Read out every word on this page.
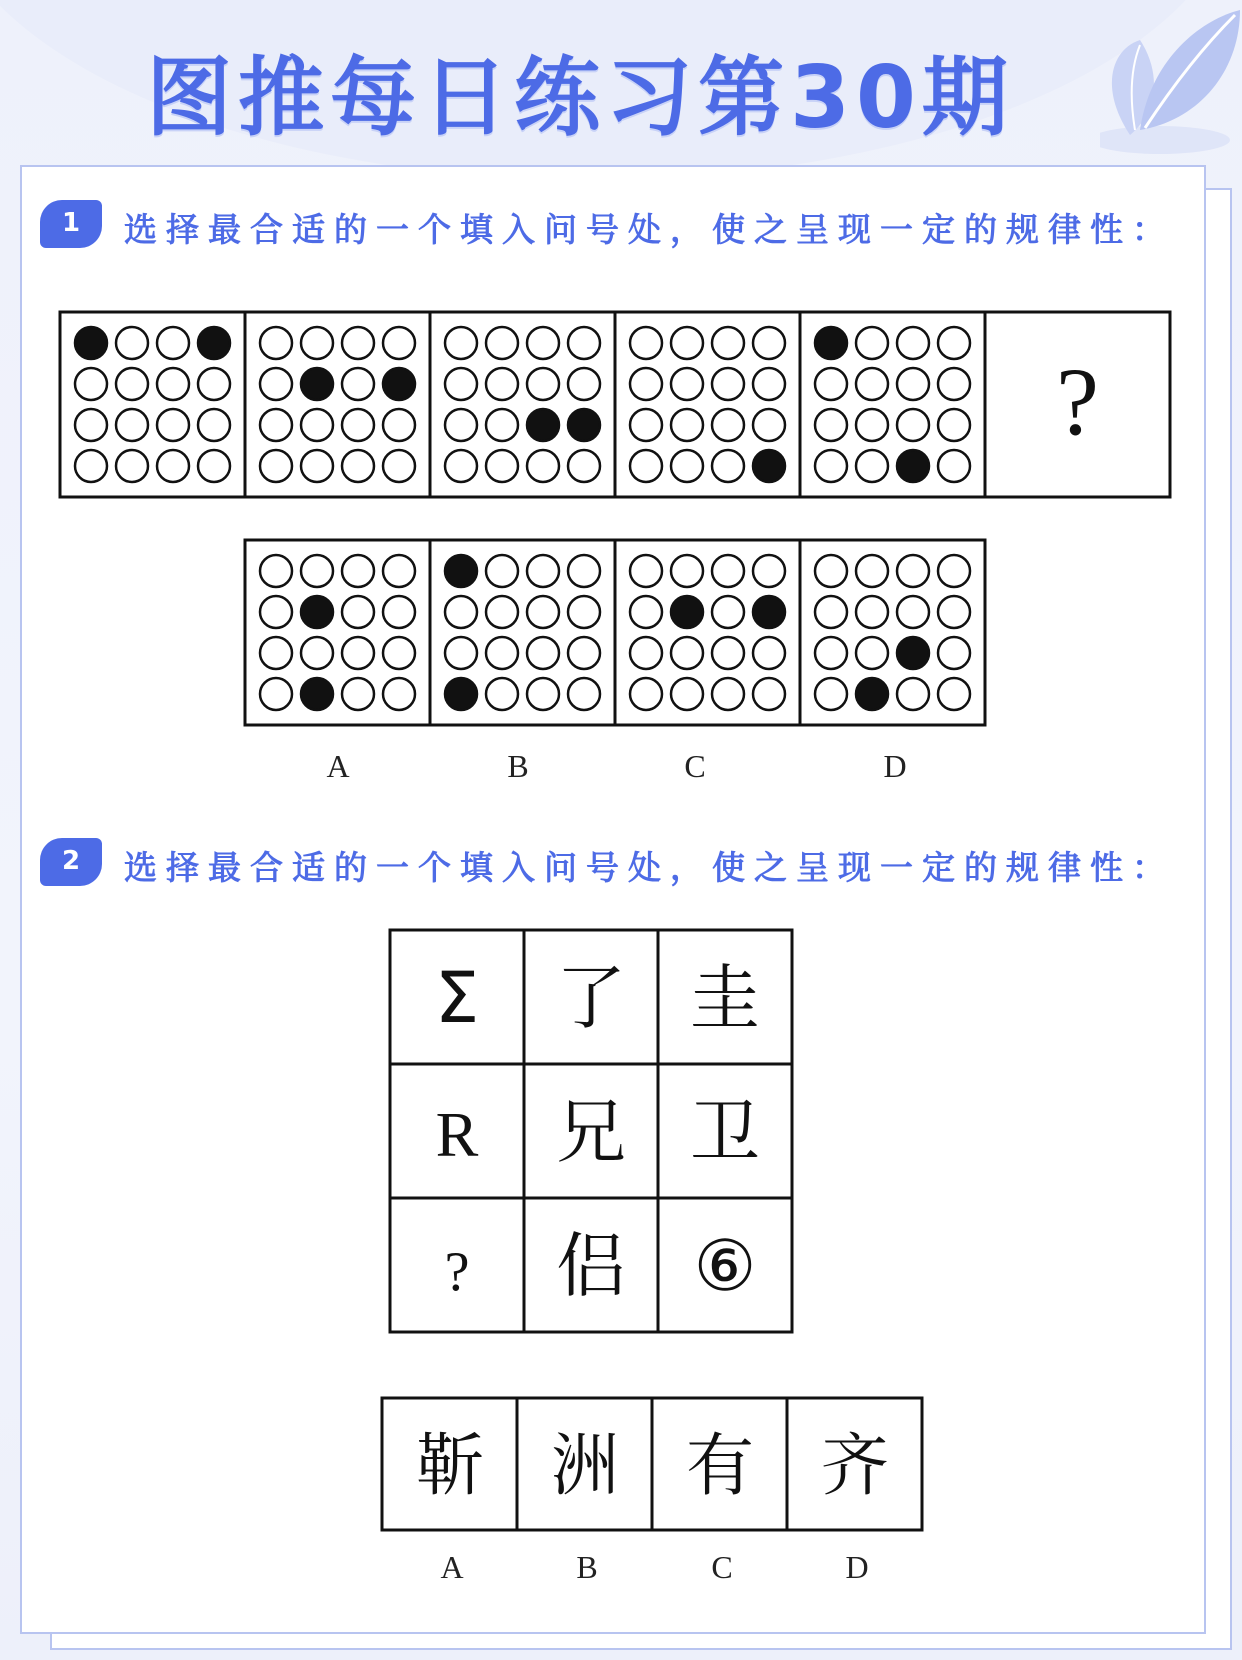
图推每日练习第30期
1	选择最合适的一个填入问号处，使之呈现一定的规律性：
?
A	B	C	D
2	选择最合适的一个填入问号处，使之呈现一定的规律性：
Σ 了 圭
R 兄 卫
? 侣 ⑥
靳 洲 有 齐
A	B	C	D
